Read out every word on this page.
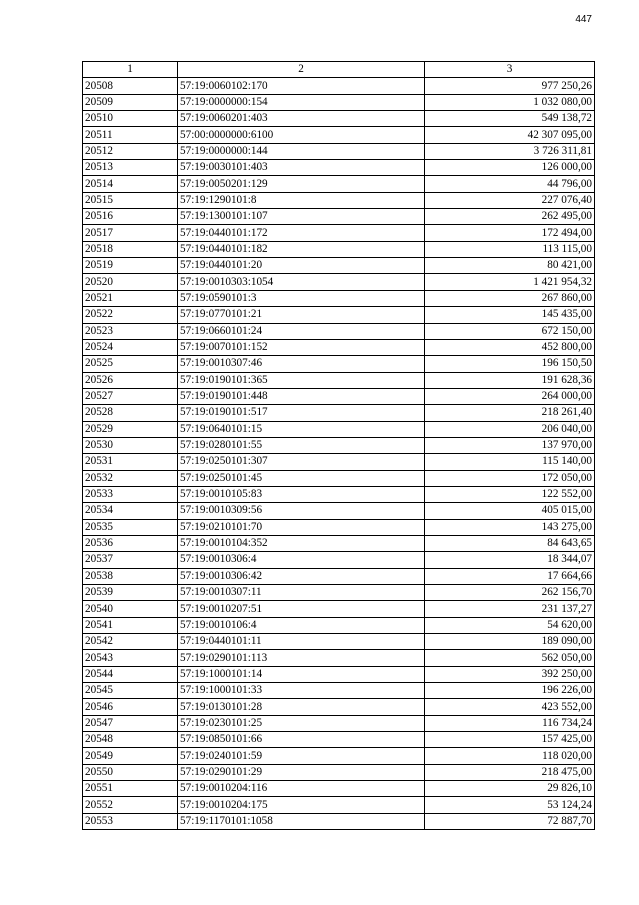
447
1	2	3
20508	57:19:0060102:170	977 250,26
20509	57:19:0000000:154	1 032 080,00
20510	57:19:0060201:403	549 138,72
20511	57:00:0000000:6100	42 307 095,00
20512	57:19:0000000:144	3 726 311,81
20513	57:19:0030101:403	126 000,00
20514	57:19:0050201:129	44 796,00
20515	57:19:1290101:8	227 076,40
20516	57:19:1300101:107	262 495,00
20517	57:19:0440101:172	172 494,00
20518	57:19:0440101:182	113 115,00
20519	57:19:0440101:20	80 421,00
20520	57:19:0010303:1054	1 421 954,32
20521	57:19:0590101:3	267 860,00
20522	57:19:0770101:21	145 435,00
20523	57:19:0660101:24	672 150,00
20524	57:19:0070101:152	452 800,00
20525	57:19:0010307:46	196 150,50
20526	57:19:0190101:365	191 628,36
20527	57:19:0190101:448	264 000,00
20528	57:19:0190101:517	218 261,40
20529	57:19:0640101:15	206 040,00
20530	57:19:0280101:55	137 970,00
20531	57:19:0250101:307	115 140,00
20532	57:19:0250101:45	172 050,00
20533	57:19:0010105:83	122 552,00
20534	57:19:0010309:56	405 015,00
20535	57:19:0210101:70	143 275,00
20536	57:19:0010104:352	84 643,65
20537	57:19:0010306:4	18 344,07
20538	57:19:0010306:42	17 664,66
20539	57:19:0010307:11	262 156,70
20540	57:19:0010207:51	231 137,27
20541	57:19:0010106:4	54 620,00
20542	57:19:0440101:11	189 090,00
20543	57:19:0290101:113	562 050,00
20544	57:19:1000101:14	392 250,00
20545	57:19:1000101:33	196 226,00
20546	57:19:0130101:28	423 552,00
20547	57:19:0230101:25	116 734,24
20548	57:19:0850101:66	157 425,00
20549	57:19:0240101:59	118 020,00
20550	57:19:0290101:29	218 475,00
20551	57:19:0010204:116	29 826,10
20552	57:19:0010204:175	53 124,24
20553	57:19:1170101:1058	72 887,70
